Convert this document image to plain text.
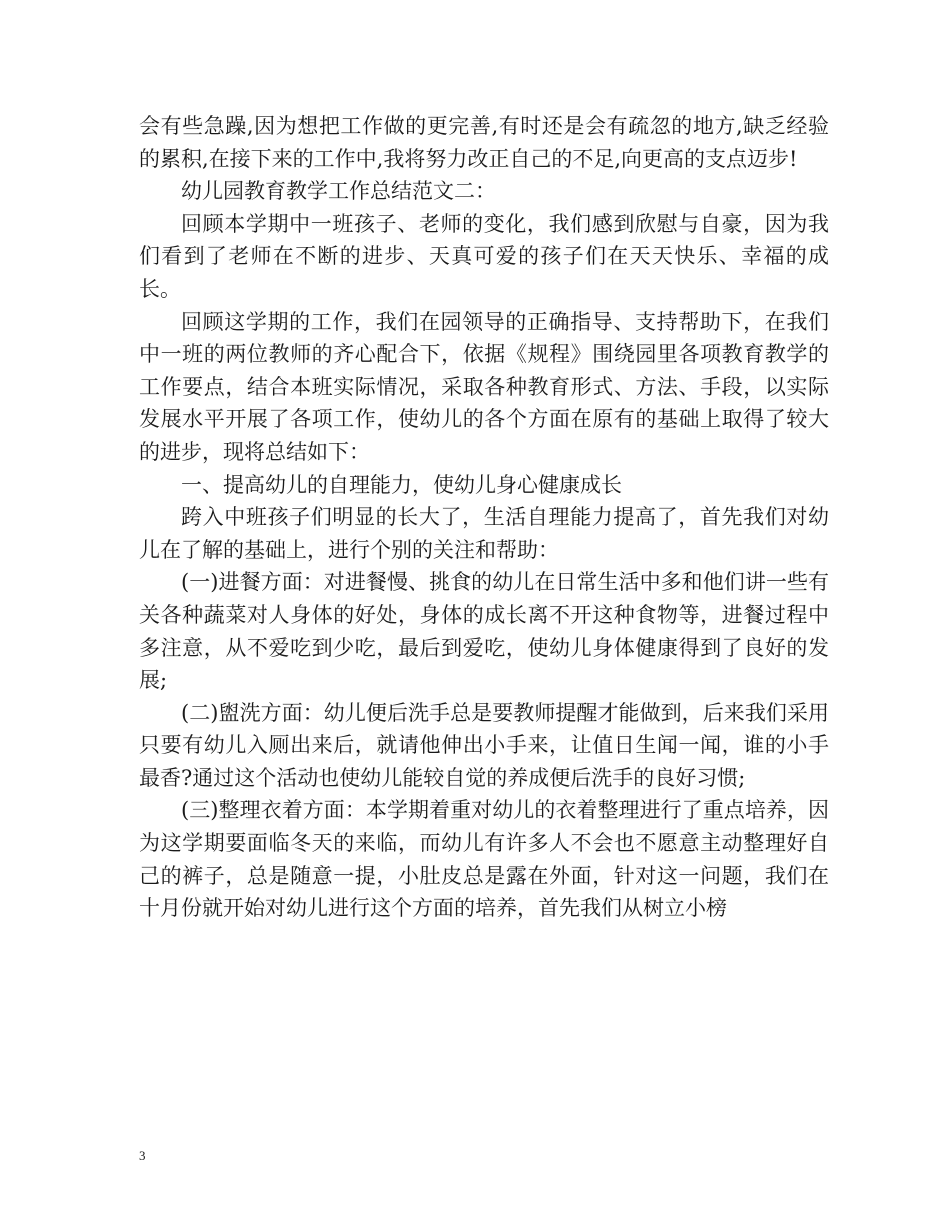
会有些急躁,因为想把工作做的更完善,有时还是会有疏忽的地方,缺乏经验的累积,在接下来的工作中,我将努力改正自己的不足,向更高的支点迈步!

幼儿园教育教学工作总结范文二：

回顾本学期中一班孩子、老师的变化，我们感到欣慰与自豪，因为我们看到了老师在不断的进步、天真可爱的孩子们在天天快乐、幸福的成长。

回顾这学期的工作，我们在园领导的正确指导、支持帮助下，在我们中一班的两位教师的齐心配合下，依据《规程》围绕园里各项教育教学的工作要点，结合本班实际情况，采取各种教育形式、方法、手段，以实际发展水平开展了各项工作，使幼儿的各个方面在原有的基础上取得了较大的进步，现将总结如下：

一、提高幼儿的自理能力，使幼儿身心健康成长

跨入中班孩子们明显的长大了，生活自理能力提高了，首先我们对幼儿在了解的基础上，进行个别的关注和帮助：

(一)进餐方面：对进餐慢、挑食的幼儿在日常生活中多和他们讲一些有关各种蔬菜对人身体的好处，身体的成长离不开这种食物等，进餐过程中多注意，从不爱吃到少吃，最后到爱吃，使幼儿身体健康得到了良好的发展;

(二)盥洗方面：幼儿便后洗手总是要教师提醒才能做到，后来我们采用只要有幼儿入厕出来后，就请他伸出小手来，让值日生闻一闻，谁的小手最香?通过这个活动也使幼儿能较自觉的养成便后洗手的良好习惯;

(三)整理衣着方面：本学期着重对幼儿的衣着整理进行了重点培养，因为这学期要面临冬天的来临，而幼儿有许多人不会也不愿意主动整理好自己的裤子，总是随意一提，小肚皮总是露在外面，针对这一问题，我们在十月份就开始对幼儿进行这个方面的培养，首先我们从树立小榜

3
